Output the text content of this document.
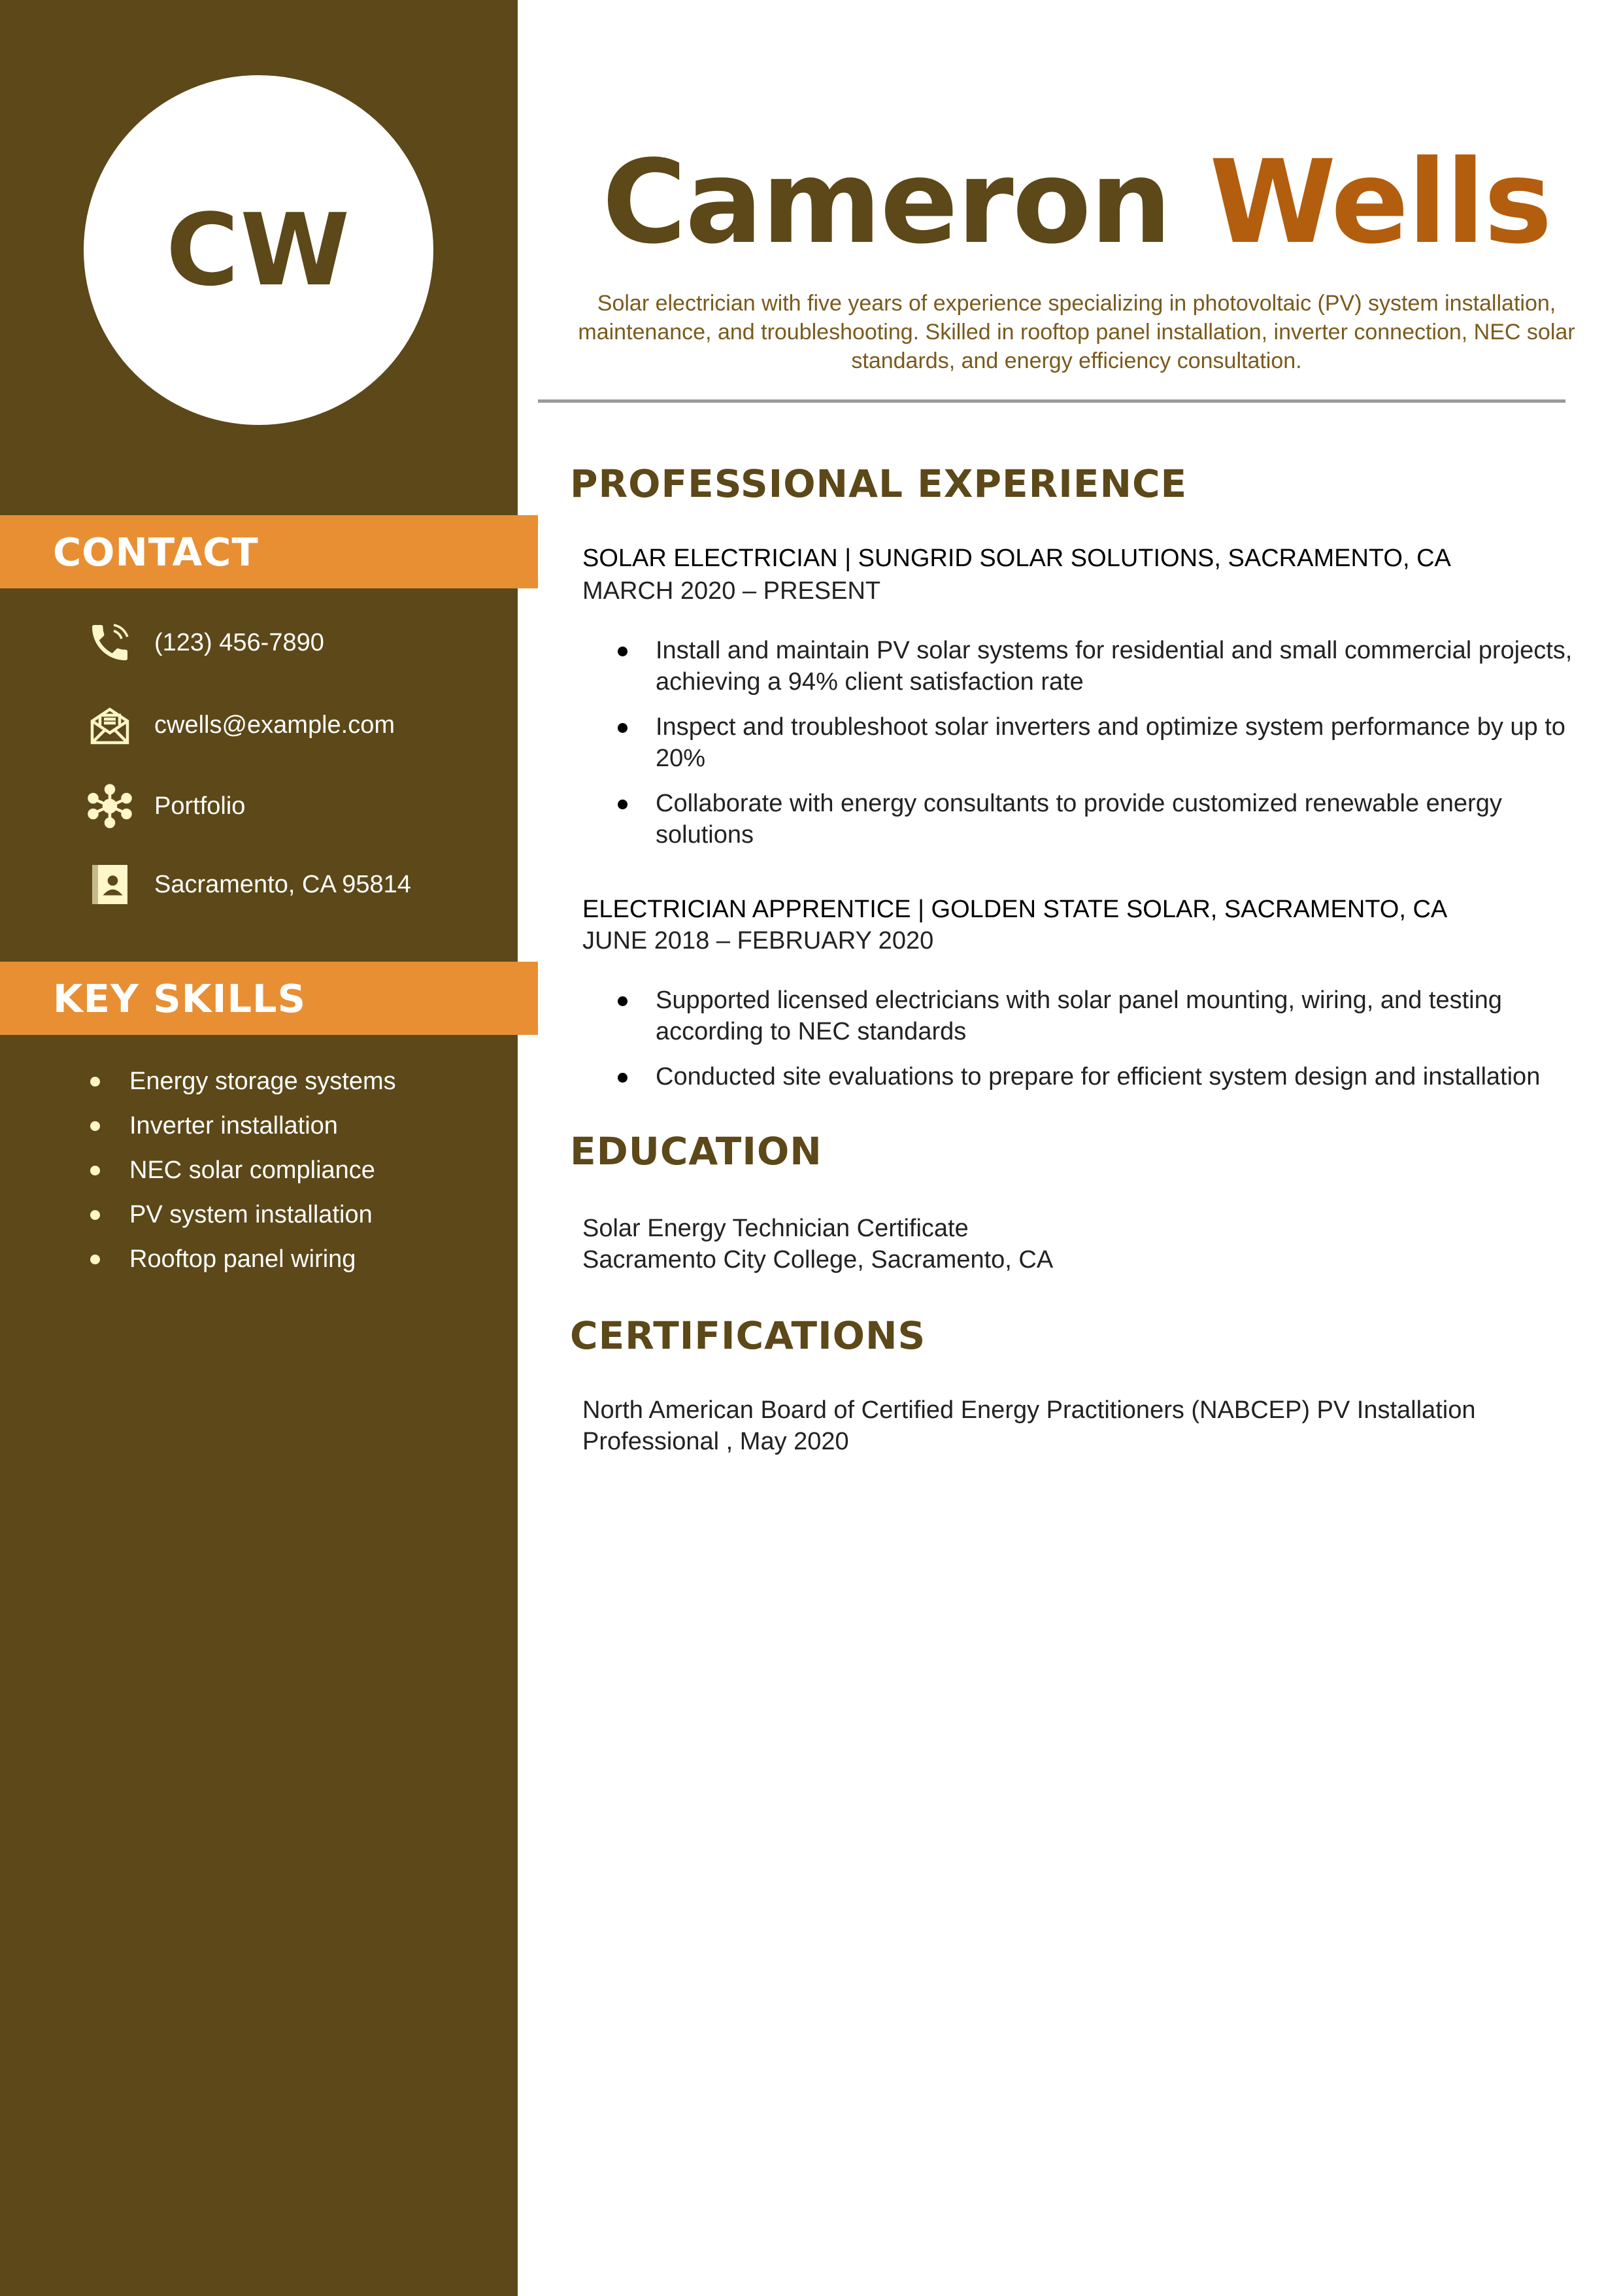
CW
CONTACT
(123) 456-7890
cwells@example.com
Portfolio
Sacramento, CA 95814
KEY SKILLS
Energy storage systems
Inverter installation
NEC solar compliance
PV system installation
Rooftop panel wiring
Cameron Wells
Solar electrician with five years of experience specializing in photovoltaic (PV) system installation, maintenance, and troubleshooting. Skilled in rooftop panel installation, inverter connection, NEC solar standards, and energy efficiency consultation.
PROFESSIONAL EXPERIENCE
SOLAR ELECTRICIAN | SUNGRID SOLAR SOLUTIONS, SACRAMENTO, CA
MARCH 2020 – PRESENT
Install and maintain PV solar systems for residential and small commercial projects, achieving a 94% client satisfaction rate
Inspect and troubleshoot solar inverters and optimize system performance by up to 20%
Collaborate with energy consultants to provide customized renewable energy solutions
ELECTRICIAN APPRENTICE | GOLDEN STATE SOLAR, SACRAMENTO, CA
JUNE 2018 – FEBRUARY 2020
Supported licensed electricians with solar panel mounting, wiring, and testing according to NEC standards
Conducted site evaluations to prepare for efficient system design and installation
EDUCATION
Solar Energy Technician Certificate
Sacramento City College, Sacramento, CA
CERTIFICATIONS
North American Board of Certified Energy Practitioners (NABCEP) PV Installation Professional , May 2020
